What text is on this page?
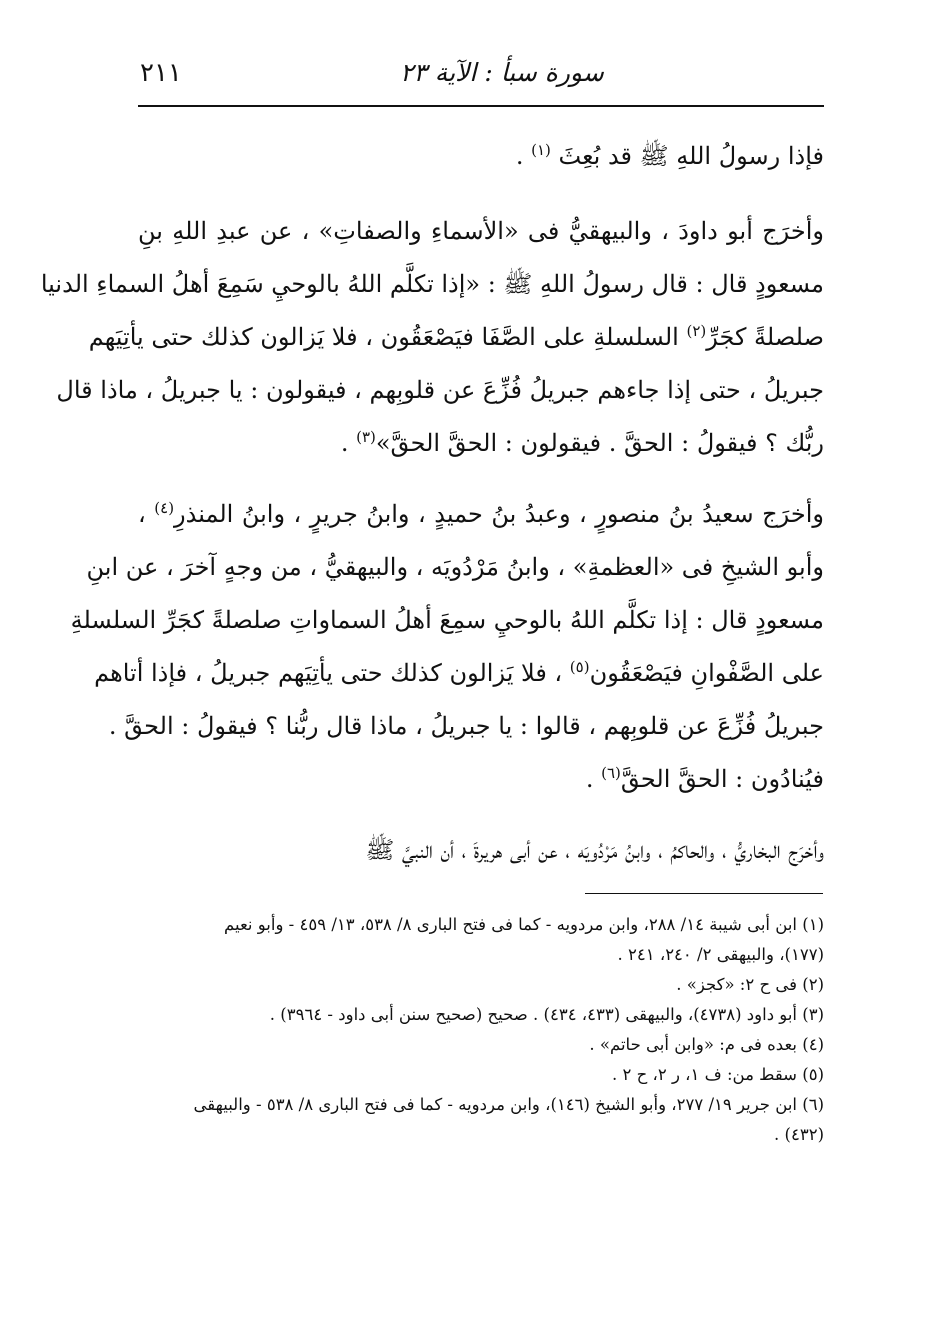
٢١١	سورة سبأ : الآية ٢٣
فإذا رسولُ اللهِ ﷺ قد بُعِثَ $^{(١)}$ .
وأخرَج أبو داودَ ، والبيهقيُّ فى «الأسماءِ والصفاتِ» ، عن عبدِ اللهِ بنِ
مسعودٍ قال : قال رسولُ اللهِ ﷺ : «إذا تكلَّم اللهُ بالوحيِ سَمِعَ أهلُ السماءِ الدنيا
صلصلةً كجَرِّ$^{(٢)}$ السلسلةِ على الصَّفَا فيَصْعَقُون ، فلا يَزالون كذلك حتى يأتِيَهم
جبريلُ ، حتى إذا جاءهم جبريلُ فُزِّعَ عن قلوبِهم ، فيقولون : يا جبريلُ ، ماذا قال
ربُّك ؟ فيقولُ : الحقَّ . فيقولون : الحقَّ الحقَّ»$^{(٣)}$ .
وأخرَج سعيدُ بنُ منصورٍ ، وعبدُ بنُ حميدٍ ، وابنُ جريرٍ ، وابنُ المنذرِ$^{(٤)}$ ،
وأبو الشيخِ فى «العظمةِ» ، وابنُ مَرْدُويَه ، والبيهقيُّ ، من وجهٍ آخرَ ، عن ابنِ
مسعودٍ قال : إذا تكلَّم اللهُ بالوحيِ سمِعَ أهلُ السماواتِ صلصلةً كجَرِّ السلسلةِ
على الصَّفْوانِ فيَصْعَقُون$^{(٥)}$ ، فلا يَزالون كذلك حتى يأتِيَهم جبريلُ ، فإذا أتاهم
جبريلُ فُزِّعَ عن قلوبِهم ، قالوا : يا جبريلُ ، ماذا قال ربُّنا ؟ فيقولُ : الحقَّ .
فيُنادُون : الحقَّ الحقَّ$^{(٦)}$ .
وأخرَج البخاريُّ ، والحاكمُ ، وابنُ مَرْدُويَه ، عن أبى هريرةَ ، أن النبيَّ ﷺ
(١) ابن أبى شيبة ١٤/ ٢٨٨، وابن مردويه - كما فى فتح البارى ٨/ ٥٣٨، ١٣/ ٤٥٩ - وأبو نعيم
(١٧٧)، والبيهقى ٢/ ٢٤٠، ٢٤١ .
(٢) فى ح ٢: «كجز» .
(٣) أبو داود (٤٧٣٨)، والبيهقى (٤٣٣، ٤٣٤) . صحيح (صحيح سنن أبى داود - ٣٩٦٤) .
(٤) بعده فى م: «وابن أبى حاتم» .
(٥) سقط من: ف ١، ر ٢، ح ٢ .
(٦) ابن جرير ١٩/ ٢٧٧، وأبو الشيخ (١٤٦)، وابن مردويه - كما فى فتح البارى ٨/ ٥٣٨ - والبيهقى
(٤٣٢) .
